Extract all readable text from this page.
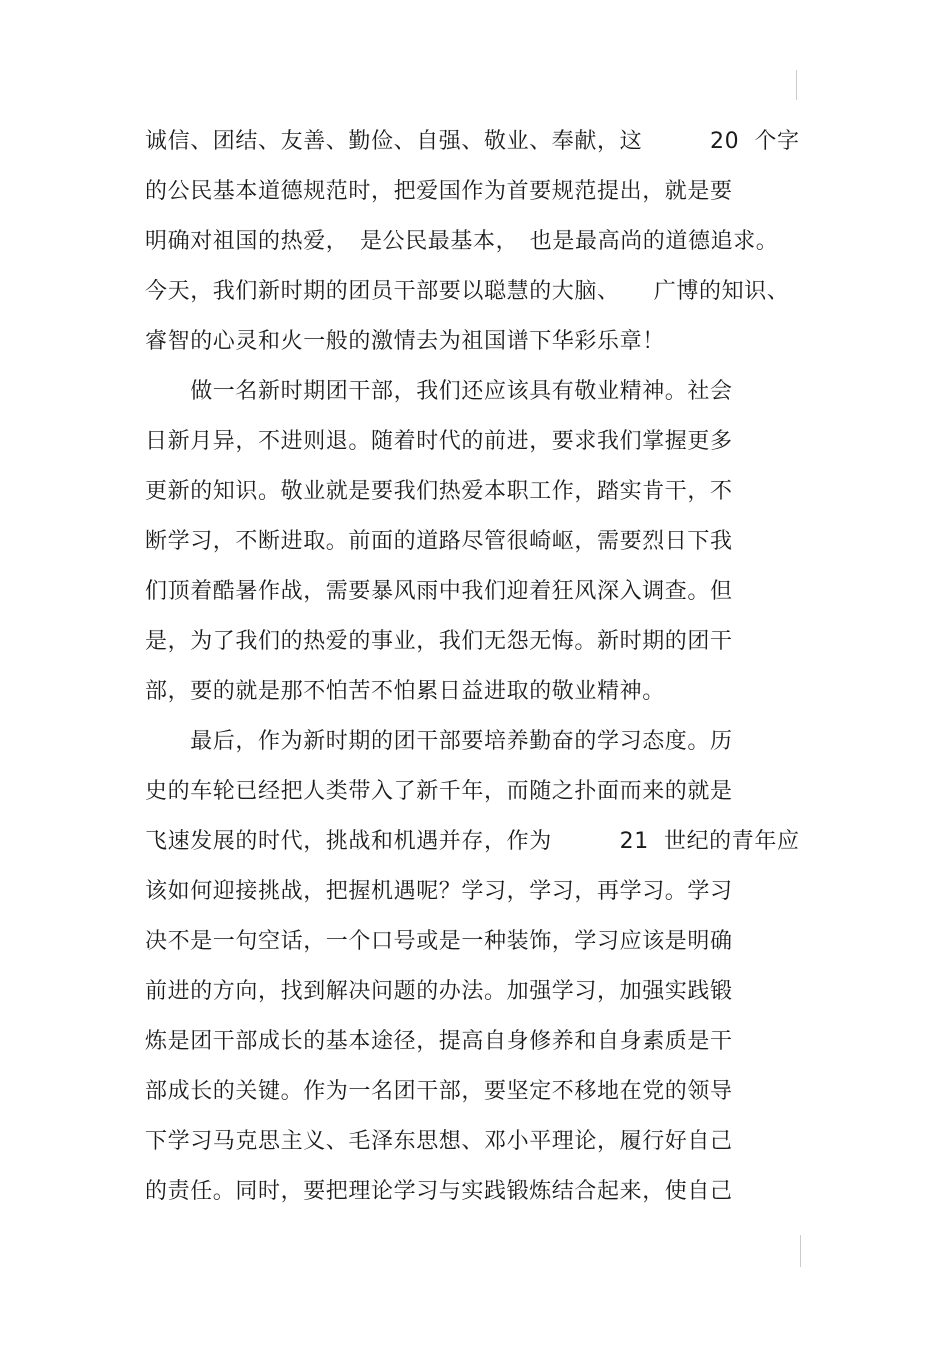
诚信、团结、友善、勤俭、自强、敬业、奉献，这　　　20  个字
的公民基本道德规范时，把爱国作为首要规范提出，就是要
明确对祖国的热爱，　是公民最基本，　也是最高尚的道德追求。
今天，我们新时期的团员干部要以聪慧的大脑、　　广博的知识、
睿智的心灵和火一般的激情去为祖国谱下华彩乐章！
　　做一名新时期团干部，我们还应该具有敬业精神。社会
日新月异，不进则退。随着时代的前进，要求我们掌握更多
更新的知识。敬业就是要我们热爱本职工作，踏实肯干，不
断学习，不断进取。前面的道路尽管很崎岖，需要烈日下我
们顶着酷暑作战，需要暴风雨中我们迎着狂风深入调查。但
是，为了我们的热爱的事业，我们无怨无悔。新时期的团干
部，要的就是那不怕苦不怕累日益进取的敬业精神。
　　最后，作为新时期的团干部要培养勤奋的学习态度。历
史的车轮已经把人类带入了新千年，而随之扑面而来的就是
飞速发展的时代，挑战和机遇并存，作为　　　21  世纪的青年应
该如何迎接挑战，把握机遇呢？学习，学习，再学习。学习
决不是一句空话，一个口号或是一种装饰，学习应该是明确
前进的方向，找到解决问题的办法。加强学习，加强实践锻
炼是团干部成长的基本途径，提高自身修养和自身素质是干
部成长的关键。作为一名团干部，要坚定不移地在党的领导
下学习马克思主义、毛泽东思想、邓小平理论，履行好自己
的责任。同时，要把理论学习与实践锻炼结合起来，使自己
